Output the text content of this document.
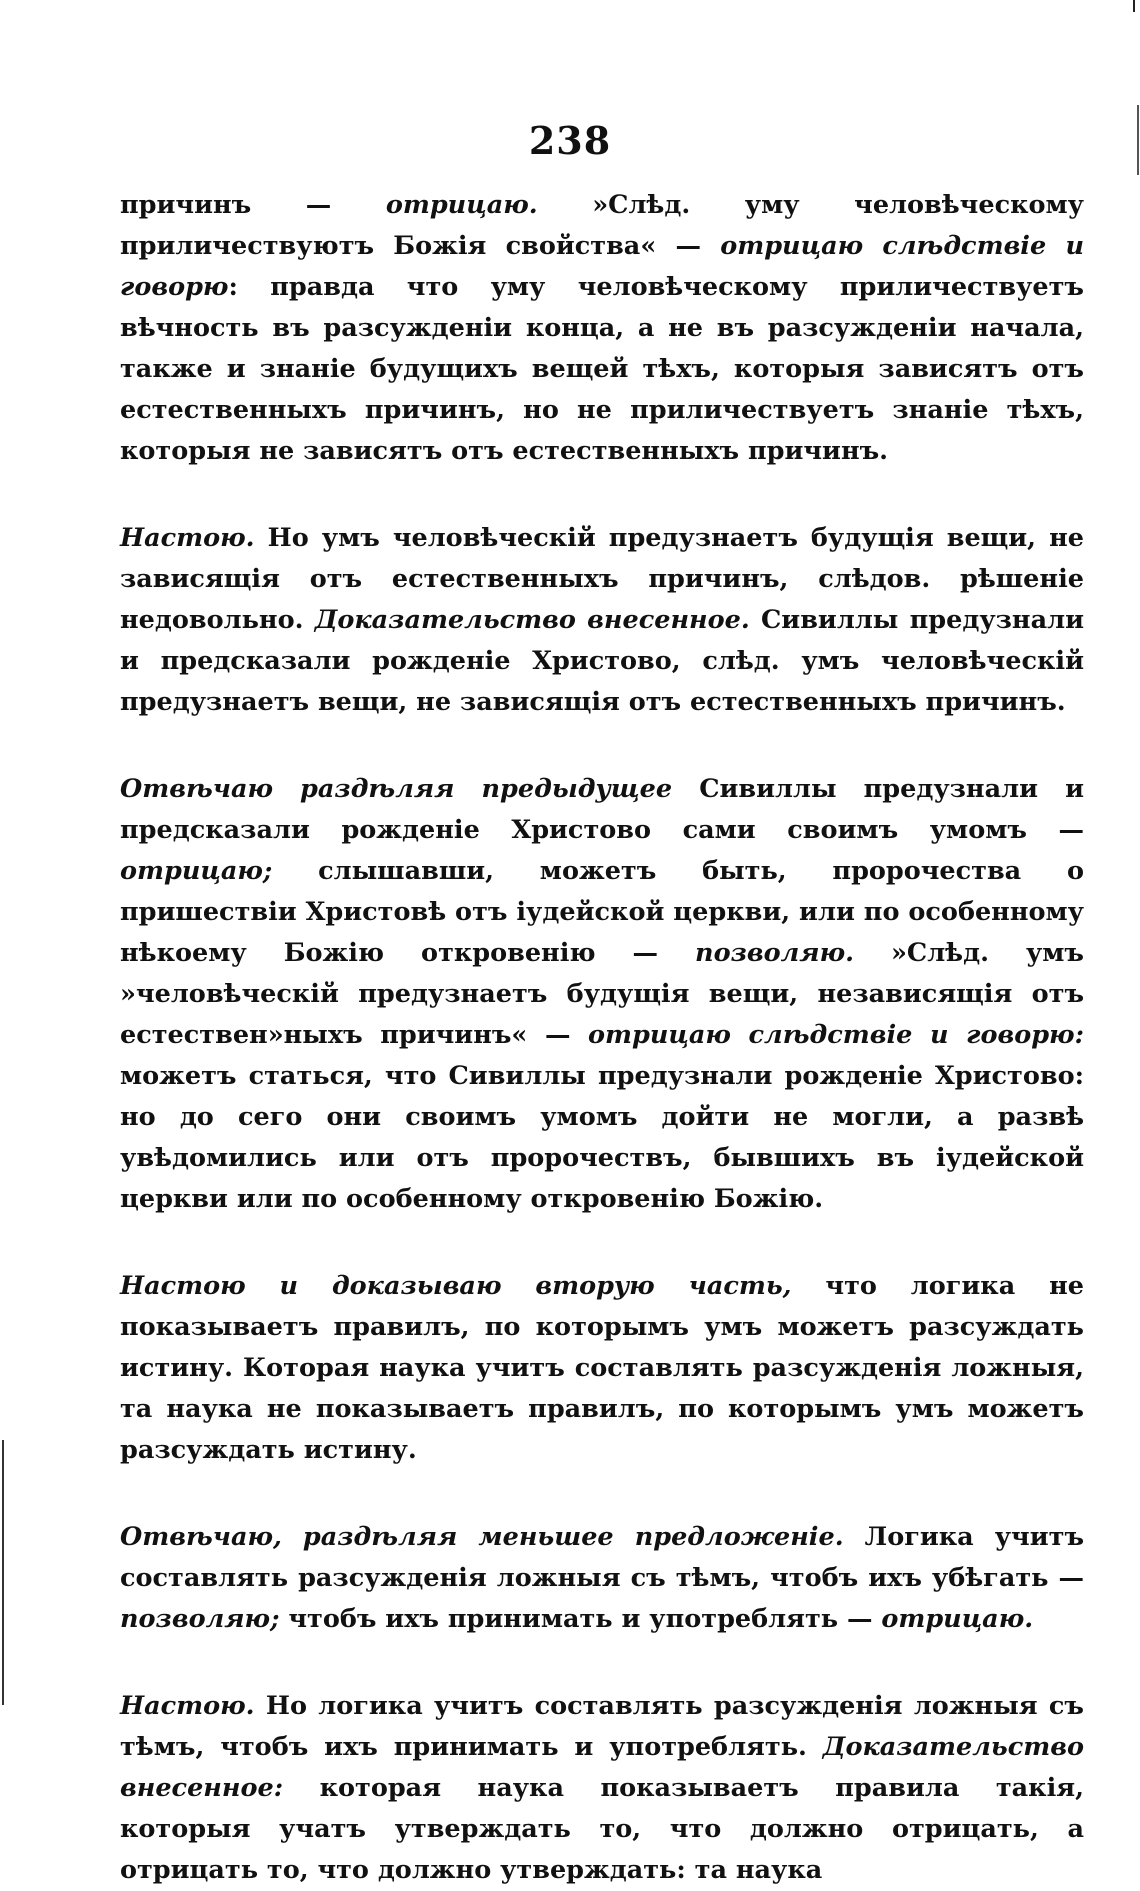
238

причинъ — отрицаю. »Слѣд. уму человѣческому приличествуютъ Божія свойства« — отрицаю слѣдствіе и говорю: правда что уму человѣческому приличествуетъ вѣчность въ разсужденіи конца, а не въ разсужденіи начала, также и знаніе будущихъ вещей тѣхъ, которыя зависятъ отъ естественныхъ причинъ, но не приличествуетъ знаніе тѣхъ, которыя не зависятъ отъ естественныхъ причинъ.

Настою. Но умъ человѣческій предузнаетъ будущія вещи, не зависящія отъ естественныхъ причинъ, слѣдов. рѣшеніе недовольно. Доказательство внесенное. Сивиллы предузнали и предсказали рожденіе Христово, слѣд. умъ человѣческій предузнаетъ вещи, не зависящія отъ естественныхъ причинъ.

Отвѣчаю раздѣляя предыдущее Сивиллы предузнали и предсказали рожденіе Христово сами своимъ умомъ — отрицаю; слышавши, можетъ быть, пророчества о пришествіи Христовѣ отъ іудейской церкви, или по особенному нѣкоему Божію откровенію — позволяю. »Слѣд. умъ »человѣческій предузнаетъ будущія вещи, независящія отъ естествен»ныхъ причинъ« — отрицаю слѣдствіе и говорю: можетъ статься, что Сивиллы предузнали рожденіе Христово: но до сего они своимъ умомъ дойти не могли, а развѣ увѣдомились или отъ пророчествъ, бывшихъ въ іудейской церкви или по особенному откровенію Божію.

Настою и доказываю вторую часть, что логика не показываетъ правилъ, по которымъ умъ можетъ разсуждать истину. Которая наука учитъ составлять разсужденія ложныя, та наука не показываетъ правилъ, по которымъ умъ можетъ разсуждать истину.

Отвѣчаю, раздѣляя меньшее предложеніе. Логика учитъ составлять разсужденія ложныя съ тѣмъ, чтобъ ихъ убѣгать — позволяю; чтобъ ихъ принимать и употреблять — отрицаю.

Настою. Но логика учитъ составлять разсужденія ложныя съ тѣмъ, чтобъ ихъ принимать и употреблять. Доказательство внесенное: которая наука показываетъ правила такія, которыя учатъ утверждать то, что должно отрицать, а отрицать то, что должно утверждать: та наука
